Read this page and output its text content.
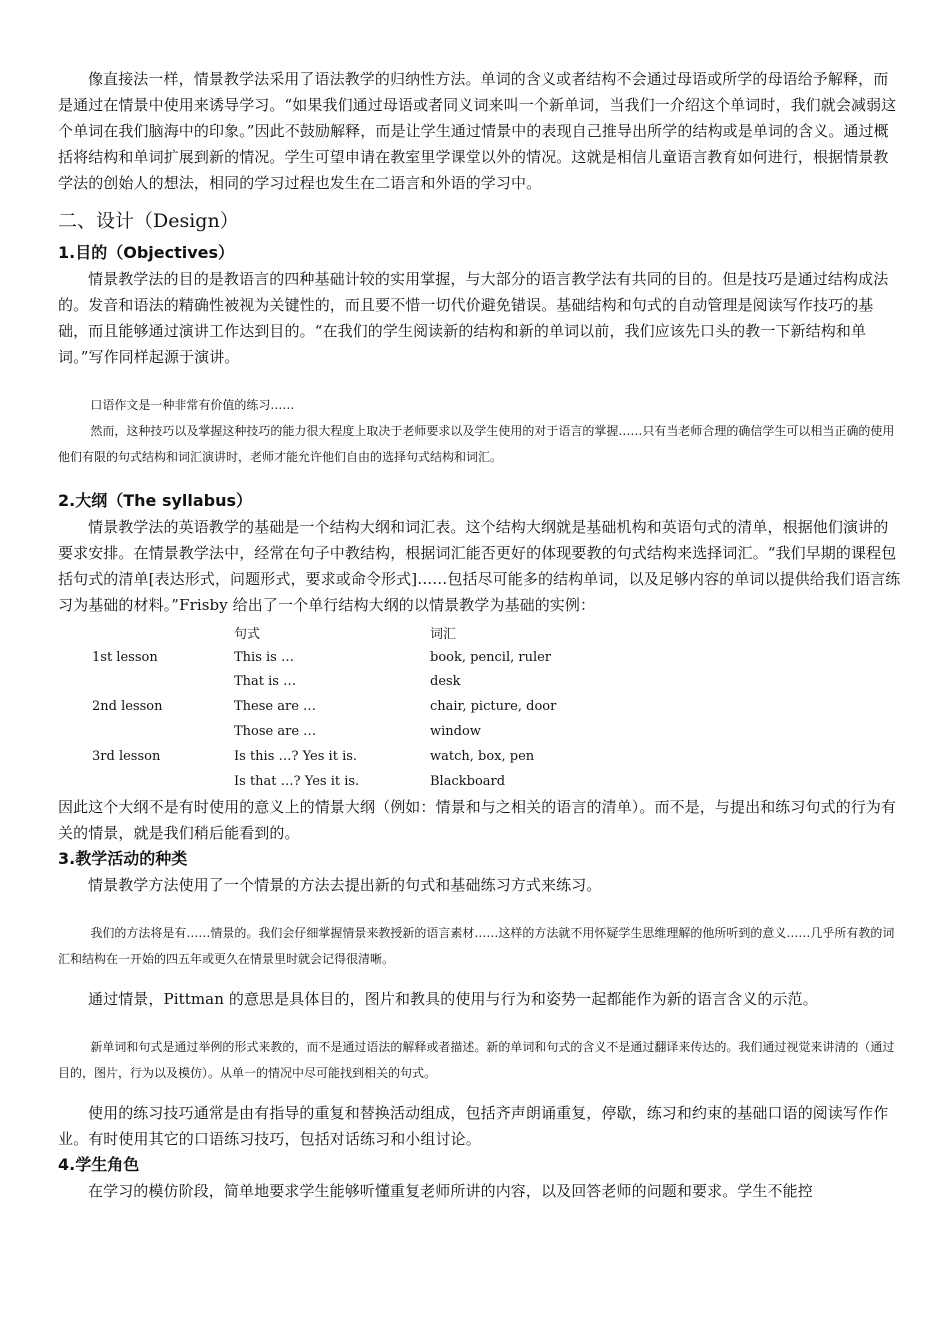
像直接法一样，情景教学法采用了语法教学的归纳性方法。单词的含义或者结构不会通过母语或所学的母语给予解释，而是通过在情景中使用来诱导学习。“如果我们通过母语或者同义词来叫一个新单词，当我们一介绍这个单词时，我们就会减弱这个单词在我们脑海中的印象。”因此不鼓励解释，而是让学生通过情景中的表现自己推导出所学的结构或是单词的含义。通过概括将结构和单词扩展到新的情况。学生可望申请在教室里学课堂以外的情况。这就是相信儿童语言教育如何进行，根据情景教学法的创始人的想法，相同的学习过程也发生在二语言和外语的学习中。

二、设计（Design）
1.目的（Objectives）

情景教学法的目的是教语言的四种基础计较的实用掌握，与大部分的语言教学法有共同的目的。但是技巧是通过结构成法的。发音和语法的精确性被视为关键性的，而且要不惜一切代价避免错误。基础结构和句式的自动管理是阅读写作技巧的基础，而且能够通过演讲工作达到目的。“在我们的学生阅读新的结构和新的单词以前，我们应该先口头的教一下新结构和单词。”写作同样起源于演讲。

口语作文是一种非常有价值的练习……

然而，这种技巧以及掌握这种技巧的能力很大程度上取决于老师要求以及学生使用的对于语言的掌握……只有当老师合理的确信学生可以相当正确的使用他们有限的句式结构和词汇演讲时，老师才能允许他们自由的选择句式结构和词汇。

2.大纲（The syllabus）

情景教学法的英语教学的基础是一个结构大纲和词汇表。这个结构大纲就是基础机构和英语句式的清单，根据他们演讲的要求安排。在情景教学法中，经常在句子中教结构，根据词汇能否更好的体现要教的句式结构来选择词汇。“我们早期的课程包括句式的清单[表达形式，问题形式，要求或命令形式]……包括尽可能多的结构单词，以及足够内容的单词以提供给我们语言练习为基础的材料。”Frisby 给出了一个单行结构大纲的以情景教学为基础的实例：

	句式	词汇
1st lesson	This is …	book, pencil, ruler
	That is …	desk
2nd lesson	These are …	chair, picture, door
	Those are …	window
3rd lesson	Is this …? Yes it is.	watch, box, pen
	Is that …? Yes it is.	Blackboard

因此这个大纲不是有时使用的意义上的情景大纲（例如：情景和与之相关的语言的清单）。而不是，与提出和练习句式的行为有关的情景，就是我们稍后能看到的。

3.教学活动的种类

情景教学方法使用了一个情景的方法去提出新的句式和基础练习方式来练习。

我们的方法将是有……情景的。我们会仔细掌握情景来教授新的语言素材……这样的方法就不用怀疑学生思维理解的他所听到的意义……几乎所有教的词汇和结构在一开始的四五年或更久在情景里时就会记得很清晰。

通过情景，Pittman 的意思是具体目的，图片和教具的使用与行为和姿势一起都能作为新的语言含义的示范。

新单词和句式是通过举例的形式来教的，而不是通过语法的解释或者描述。新的单词和句式的含义不是通过翻译来传达的。我们通过视觉来讲清的（通过目的，图片，行为以及模仿）。从单一的情况中尽可能找到相关的句式。

使用的练习技巧通常是由有指导的重复和替换活动组成，包括齐声朗诵重复，停歇，练习和约束的基础口语的阅读写作作业。有时使用其它的口语练习技巧，包括对话练习和小组讨论。

4.学生角色

在学习的模仿阶段，简单地要求学生能够听懂重复老师所讲的内容，以及回答老师的问题和要求。学生不能控
